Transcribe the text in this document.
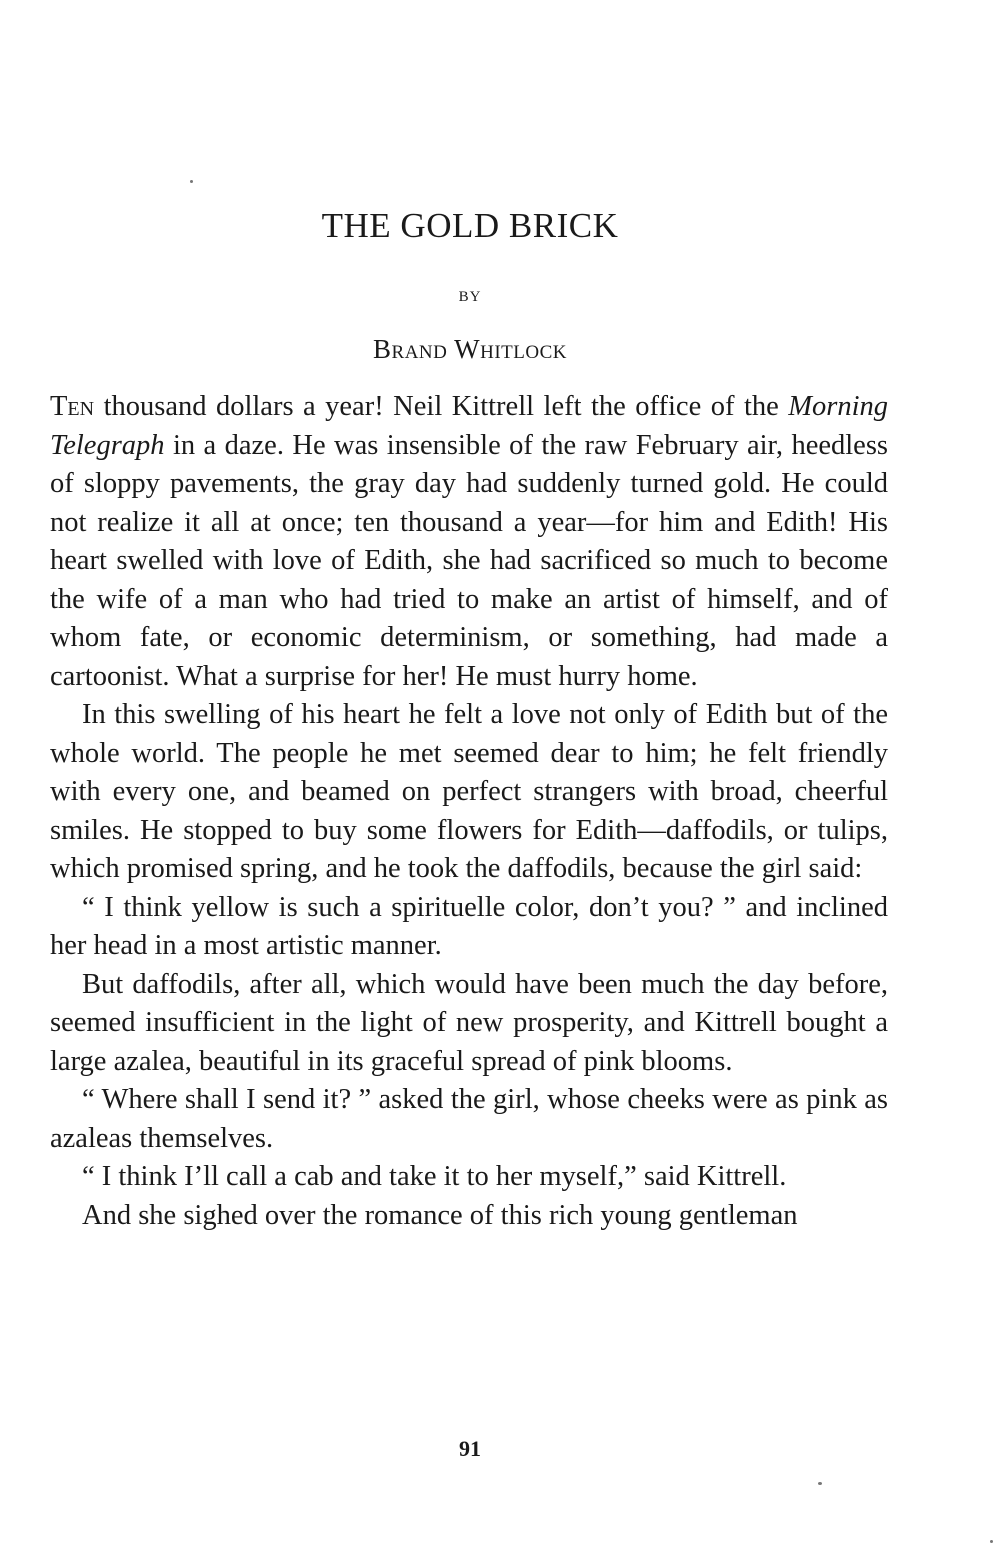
THE GOLD BRICK
BY
Brand Whitlock

Ten thousand dollars a year! Neil Kittrell left the office of the Morning Telegraph in a daze. He was insensible of the raw February air, heedless of sloppy pavements, the gray day had suddenly turned gold. He could not realize it all at once; ten thousand a year—for him and Edith! His heart swelled with love of Edith, she had sacrificed so much to become the wife of a man who had tried to make an artist of himself, and of whom fate, or economic determinism, or something, had made a cartoonist. What a surprise for her! He must hurry home.

In this swelling of his heart he felt a love not only of Edith but of the whole world. The people he met seemed dear to him; he felt friendly with every one, and beamed on perfect strangers with broad, cheerful smiles. He stopped to buy some flowers for Edith—daffodils, or tulips, which promised spring, and he took the daffodils, because the girl said:

“ I think yellow is such a spirituelle color, don’t you? ” and inclined her head in a most artistic manner.

But daffodils, after all, which would have been much the day before, seemed insufficient in the light of new prosperity, and Kittrell bought a large azalea, beautiful in its graceful spread of pink blooms.

“ Where shall I send it? ” asked the girl, whose cheeks were as pink as azaleas themselves.

“ I think I’ll call a cab and take it to her myself,” said Kittrell.

And she sighed over the romance of this rich young gentleman

91
